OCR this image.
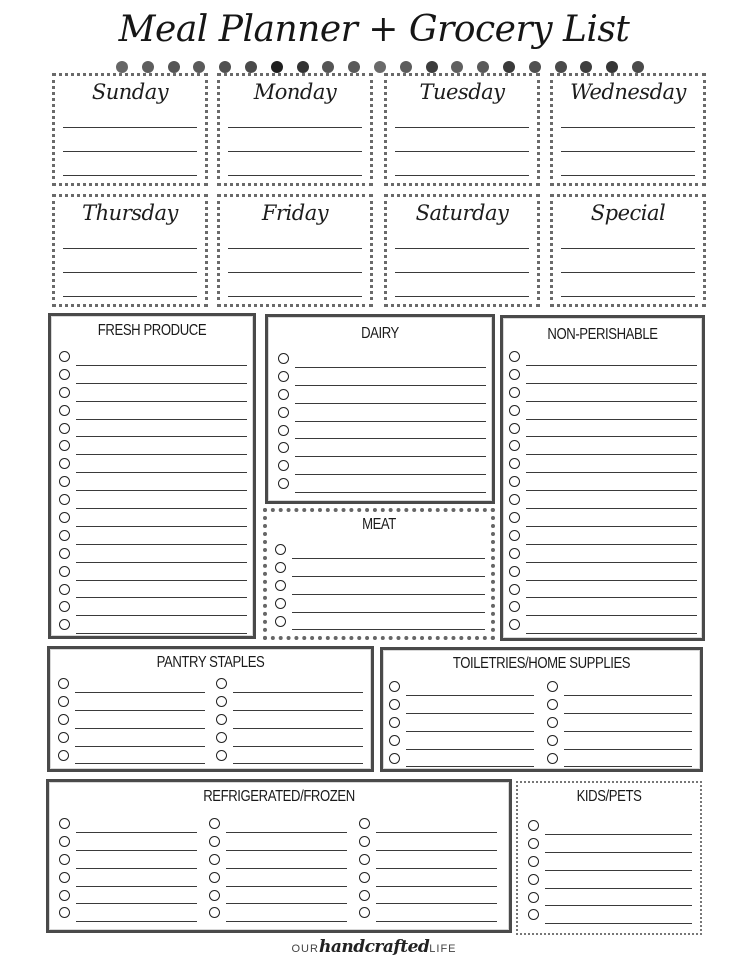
Meal Planner + Grocery List
Sunday	Monday	Tuesday	Wednesday
Thursday	Friday	Saturday	Special
FRESH PRODUCE	DAIRY
MEAT
NON-PERISHABLE
PANTRY STAPLES	TOILETRIES/HOME SUPPLIES
REFRIGERATED/FROZEN	KIDS/PETS
OURhandcraftedLIFE
